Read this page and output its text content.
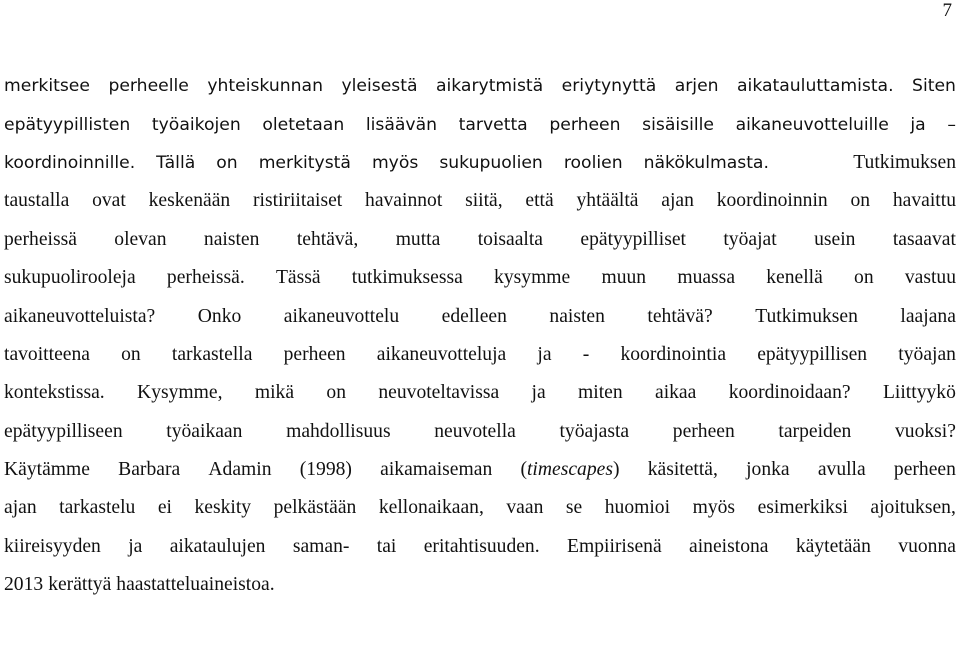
7
merkitsee perheelle yhteiskunnan yleisestä aikarytmistä eriytynyttä arjen aikatauluttamista. Siten
epätyypillisten työaikojen oletetaan lisäävän tarvetta perheen sisäisille aikaneuvotteluille ja –
koordinoinnille. Tällä on merkitystä myös sukupuolien roolien näkökulmasta.	Tutkimuksen
taustalla ovat keskenään ristiriitaiset havainnot siitä, että yhtäältä ajan koordinoinnin on havaittu
perheissä olevan naisten tehtävä, mutta toisaalta epätyypilliset työajat usein tasaavat
sukupuolirooleja perheissä. Tässä tutkimuksessa kysymme muun muassa kenellä on vastuu
aikaneuvotteluista? Onko aikaneuvottelu edelleen naisten tehtävä? Tutkimuksen laajana
tavoitteena on tarkastella perheen aikaneuvotteluja ja - koordinointia epätyypillisen työajan
kontekstissa. Kysymme, mikä on neuvoteltavissa ja miten aikaa koordinoidaan? Liittyykö
epätyypilliseen työaikaan mahdollisuus neuvotella työajasta perheen tarpeiden vuoksi?
Käytämme Barbara Adamin (1998) aikamaiseman (timescapes) käsitettä, jonka avulla perheen
ajan tarkastelu ei keskity pelkästään kellonaikaan, vaan se huomioi myös esimerkiksi ajoituksen,
kiireisyyden ja aikataulujen saman- tai eritahtisuuden. Empiirisenä aineistona käytetään vuonna
2013 kerättyä haastatteluaineistoa.
